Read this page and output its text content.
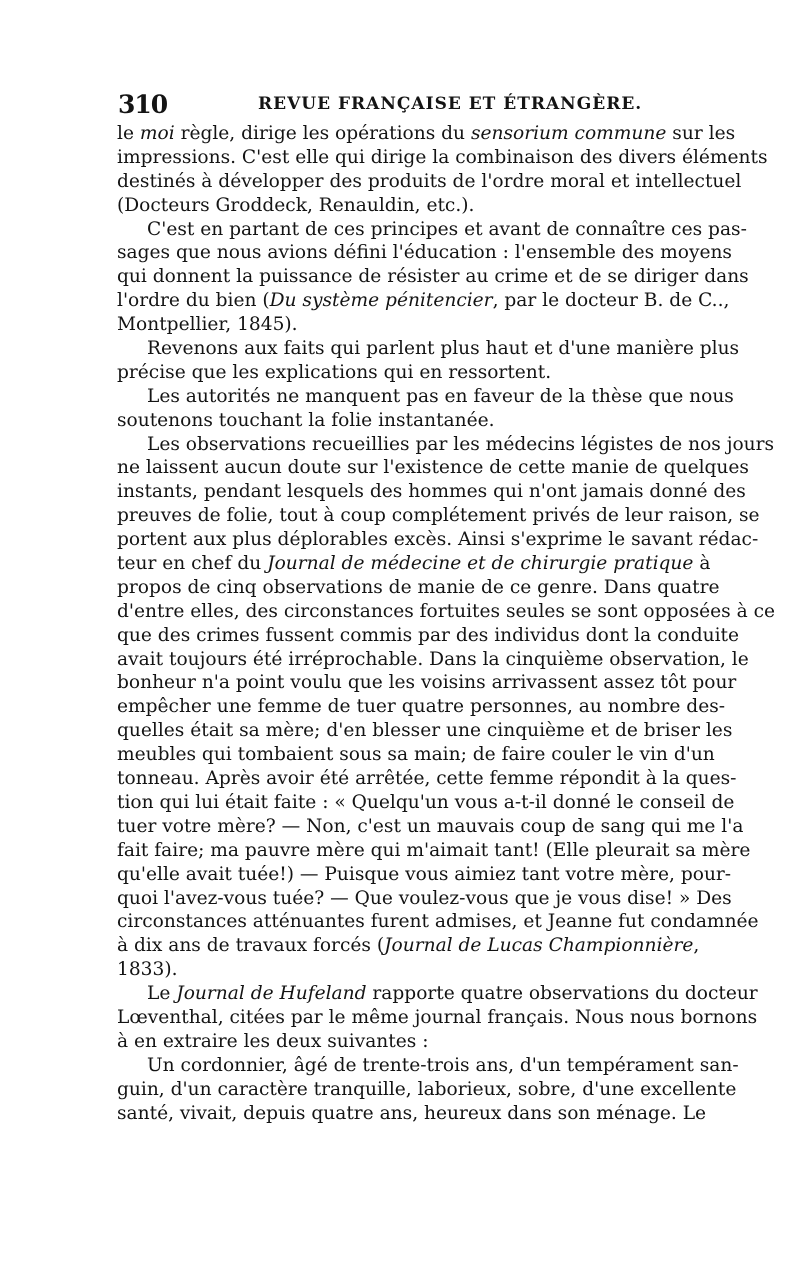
310	REVUE FRANÇAISE ET ÉTRANGÈRE.
le moi règle, dirige les opérations du sensorium commune sur les
impressions. C'est elle qui dirige la combinaison des divers éléments
destinés à développer des produits de l'ordre moral et intellectuel
(Docteurs Groddeck, Renauldin, etc.).
C'est en partant de ces principes et avant de connaître ces pas-
sages que nous avions défini l'éducation : l'ensemble des moyens
qui donnent la puissance de résister au crime et de se diriger dans
l'ordre du bien (Du système pénitencier, par le docteur B. de C..,
Montpellier, 1845).
Revenons aux faits qui parlent plus haut et d'une manière plus
précise que les explications qui en ressortent.
Les autorités ne manquent pas en faveur de la thèse que nous
soutenons touchant la folie instantanée.
Les observations recueillies par les médecins légistes de nos jours
ne laissent aucun doute sur l'existence de cette manie de quelques
instants, pendant lesquels des hommes qui n'ont jamais donné des
preuves de folie, tout à coup complétement privés de leur raison, se
portent aux plus déplorables excès. Ainsi s'exprime le savant rédac-
teur en chef du Journal de médecine et de chirurgie pratique à
propos de cinq observations de manie de ce genre. Dans quatre
d'entre elles, des circonstances fortuites seules se sont opposées à ce
que des crimes fussent commis par des individus dont la conduite
avait toujours été irréprochable. Dans la cinquième observation, le
bonheur n'a point voulu que les voisins arrivassent assez tôt pour
empêcher une femme de tuer quatre personnes, au nombre des-
quelles était sa mère; d'en blesser une cinquième et de briser les
meubles qui tombaient sous sa main; de faire couler le vin d'un
tonneau. Après avoir été arrêtée, cette femme répondit à la ques-
tion qui lui était faite : « Quelqu'un vous a-t-il donné le conseil de
tuer votre mère? — Non, c'est un mauvais coup de sang qui me l'a
fait faire; ma pauvre mère qui m'aimait tant! (Elle pleurait sa mère
qu'elle avait tuée!) — Puisque vous aimiez tant votre mère, pour-
quoi l'avez-vous tuée? — Que voulez-vous que je vous dise! » Des
circonstances atténuantes furent admises, et Jeanne fut condamnée
à dix ans de travaux forcés (Journal de Lucas Championnière,
1833).
Le Journal de Hufeland rapporte quatre observations du docteur
Lœventhal, citées par le même journal français. Nous nous bornons
à en extraire les deux suivantes :
Un cordonnier, âgé de trente-trois ans, d'un tempérament san-
guin, d'un caractère tranquille, laborieux, sobre, d'une excellente
santé, vivait, depuis quatre ans, heureux dans son ménage. Le
